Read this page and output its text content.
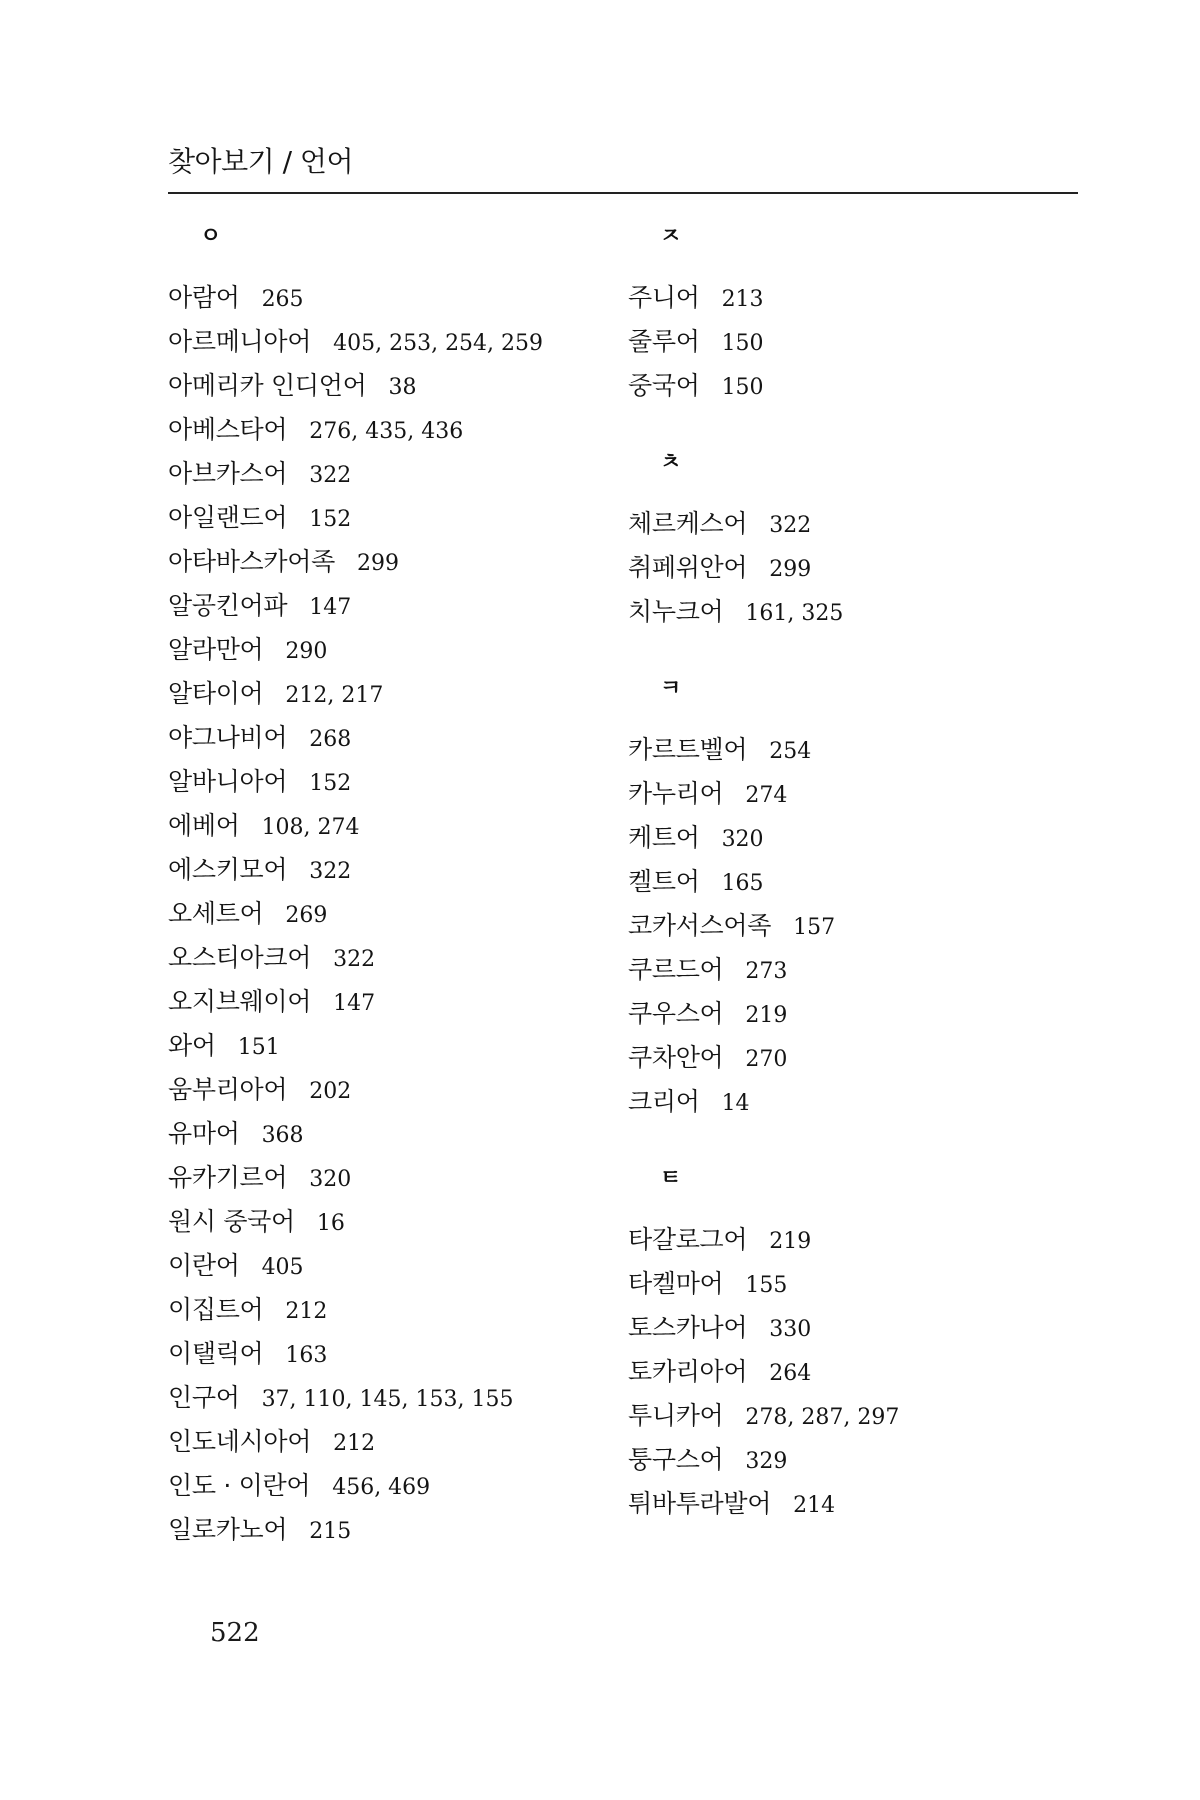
찾아보기 / 언어
ㅇ
아람어 265
아르메니아어 405, 253, 254, 259
아메리카 인디언어 38
아베스타어 276, 435, 436
아브카스어 322
아일랜드어 152
아타바스카어족 299
알공킨어파 147
알라만어 290
알타이어 212, 217
야그나비어 268
알바니아어 152
에베어 108, 274
에스키모어 322
오세트어 269
오스티아크어 322
오지브웨이어 147
와어 151
움부리아어 202
유마어 368
유카기르어 320
원시 중국어 16
이란어 405
이집트어 212
이탤릭어 163
인구어 37, 110, 145, 153, 155
인도네시아어 212
인도 · 이란어 456, 469
일로카노어 215
ㅈ
주니어 213
줄루어 150
중국어 150
ㅊ
체르케스어 322
취페위안어 299
치누크어 161, 325
ㅋ
카르트벨어 254
카누리어 274
케트어 320
켈트어 165
코카서스어족 157
쿠르드어 273
쿠우스어 219
쿠차안어 270
크리어 14
ㅌ
타갈로그어 219
타켈마어 155
토스카나어 330
토카리아어 264
투니카어 278, 287, 297
퉁구스어 329
튀바투라발어 214
522
